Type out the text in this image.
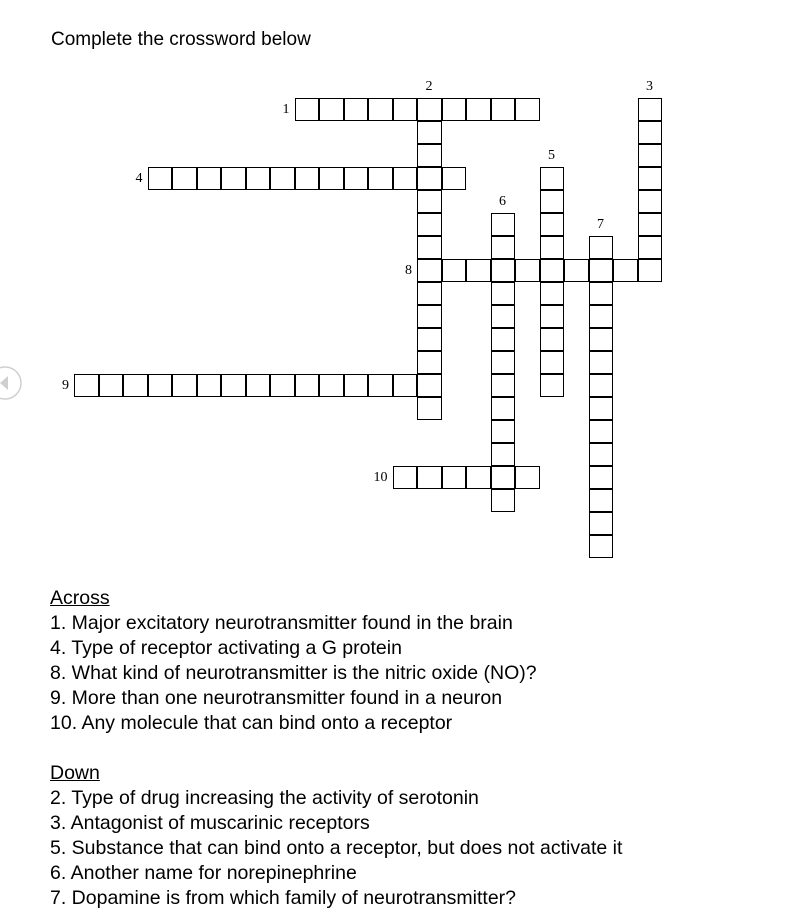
Complete the crossword below
1
4
8
9
10
2	3
5
6
7
Across
1. Major excitatory neurotransmitter found in the brain
4. Type of receptor activating a G protein
8. What kind of neurotransmitter is the nitric oxide (NO)?
9. More than one neurotransmitter found in a neuron
10. Any molecule that can bind onto a receptor
Down
2. Type of drug increasing the activity of serotonin
3. Antagonist of muscarinic receptors
5. Substance that can bind onto a receptor, but does not activate it
6. Another name for norepinephrine
7. Dopamine is from which family of neurotransmitter?
